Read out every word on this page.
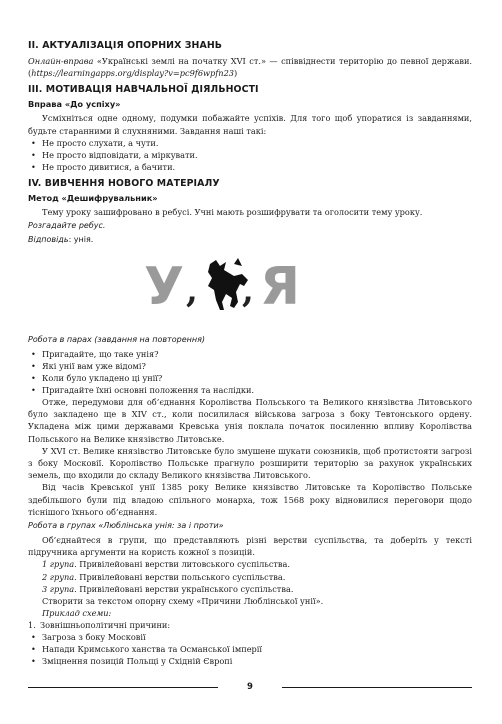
ІІ. АКТУАЛІЗАЦІЯ ОПОРНИХ ЗНАНЬ

Онлайн-вправа «Українські землі на початку XVI ст.» — співвіднести територію до певної держави. (https://learningapps.org/display?v=pc9f6wpfn23)

ІІІ. МОТИВАЦІЯ НАВЧАЛЬНОЇ ДІЯЛЬНОСТІ
Вправа «До успіху»

Усміхніться одне одному, подумки побажайте успіхів. Для того щоб упоратися із завданнями, будьте старанними й слухняними. Завдання наші такі:

• Не просто слухати, а чути.
• Не просто відповідати, а міркувати.
• Не просто дивитися, а бачити.
ІV. ВИВЧЕННЯ НОВОГО МАТЕРІАЛУ
Метод «Дешифрувальник»

Тему уроку зашифровано в ребусі. Учні мають розшифрувати та оголосити тему уроку.

Розгадайте ребус.
Відповідь: унія.
У , , Я
Робота в парах (завдання на повторення)
• Пригадайте, що таке унія?
• Які унії вам уже відомі?
• Коли було укладено ці унії?
• Пригадайте їхні основні положення та наслідки.

Отже, передумови для об’єднання Королівства Польського та Великого князівства Литовського було закладено ще в XIV ст., коли посилилася військова загроза з боку Тевтонського ордену. Укладена між цими державами Кревська унія поклала початок посиленню впливу Королівства Польського на Велике князівство Литовське.

У XVI ст. Велике князівство Литовське було змушене шукати союзників, щоб протистояти загрозі з боку Московії. Королівство Польське прагнуло розширити територію за рахунок українських земель, що входили до складу Великого князівства Литовського.

Від часів Кревської унії 1385 року Велике князівство Литовське та Королівство Польське здебільшого були під владою спільного монарха, тож 1568 року відновилися переговори щодо тіснішого їхнього об’єднання.

Робота в групах «Люблінська унія: за і проти»

Об’єднайтеся в групи, що представляють різні верстви суспільства, та доберіть у тексті підручника аргументи на користь кожної з позицій.

1 група. Привілейовані верстви литовського суспільства.

2 група. Привілейовані верстви польського суспільства.

3 група. Привілейовані верстви українського суспільства.

Створити за текстом опорну схему «Причини Люблінської унії».

Приклад схеми:

1. Зовнішньополітичні причини:
• Загроза з боку Московії
• Напади Кримського ханства та Османської імперії
• Зміцнення позицій Польщі у Східній Європі
9
